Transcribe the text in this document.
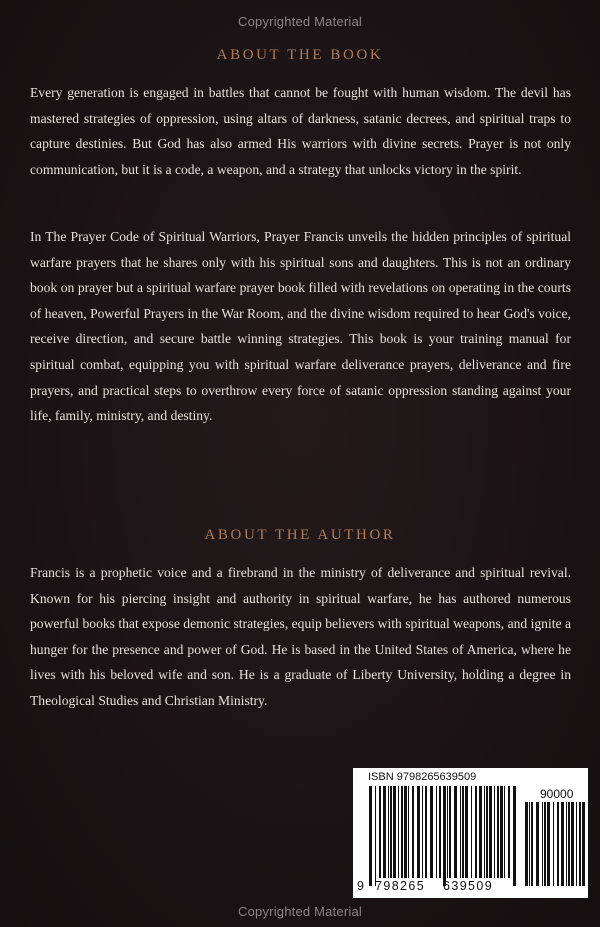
Copyrighted Material
ABOUT THE BOOK

Every generation is engaged in battles that cannot be fought with human wisdom. The devil has mastered strategies of oppression, using altars of darkness, satanic decrees, and spiritual traps to capture destinies. But God has also armed His warriors with divine secrets. Prayer is not only communication, but it is a code, a weapon, and a strategy that unlocks victory in the spirit.

In The Prayer Code of Spiritual Warriors, Prayer Francis unveils the hidden principles of spiritual warfare prayers that he shares only with his spiritual sons and daughters. This is not an ordinary book on prayer but a spiritual warfare prayer book filled with revelations on operating in the courts of heaven, Powerful Prayers in the War Room, and the divine wisdom required to hear God's voice, receive direction, and secure battle winning strategies. This book is your training manual for spiritual combat, equipping you with spiritual warfare deliverance prayers, deliverance and fire prayers, and practical steps to overthrow every force of satanic oppression standing against your life, family, ministry, and destiny.

ABOUT THE AUTHOR

Francis is a prophetic voice and a firebrand in the ministry of deliverance and spiritual revival. Known for his piercing insight and authority in spiritual warfare, he has authored numerous powerful books that expose demonic strategies, equip believers with spiritual weapons, and ignite a hunger for the presence and power of God. He is based in the United States of America, where he lives with his beloved wife and son. He is a graduate of Liberty University, holding a degree in Theological Studies and Christian Ministry.

ISBN 9798265639509
90000
9 798265 639509
Copyrighted Material
